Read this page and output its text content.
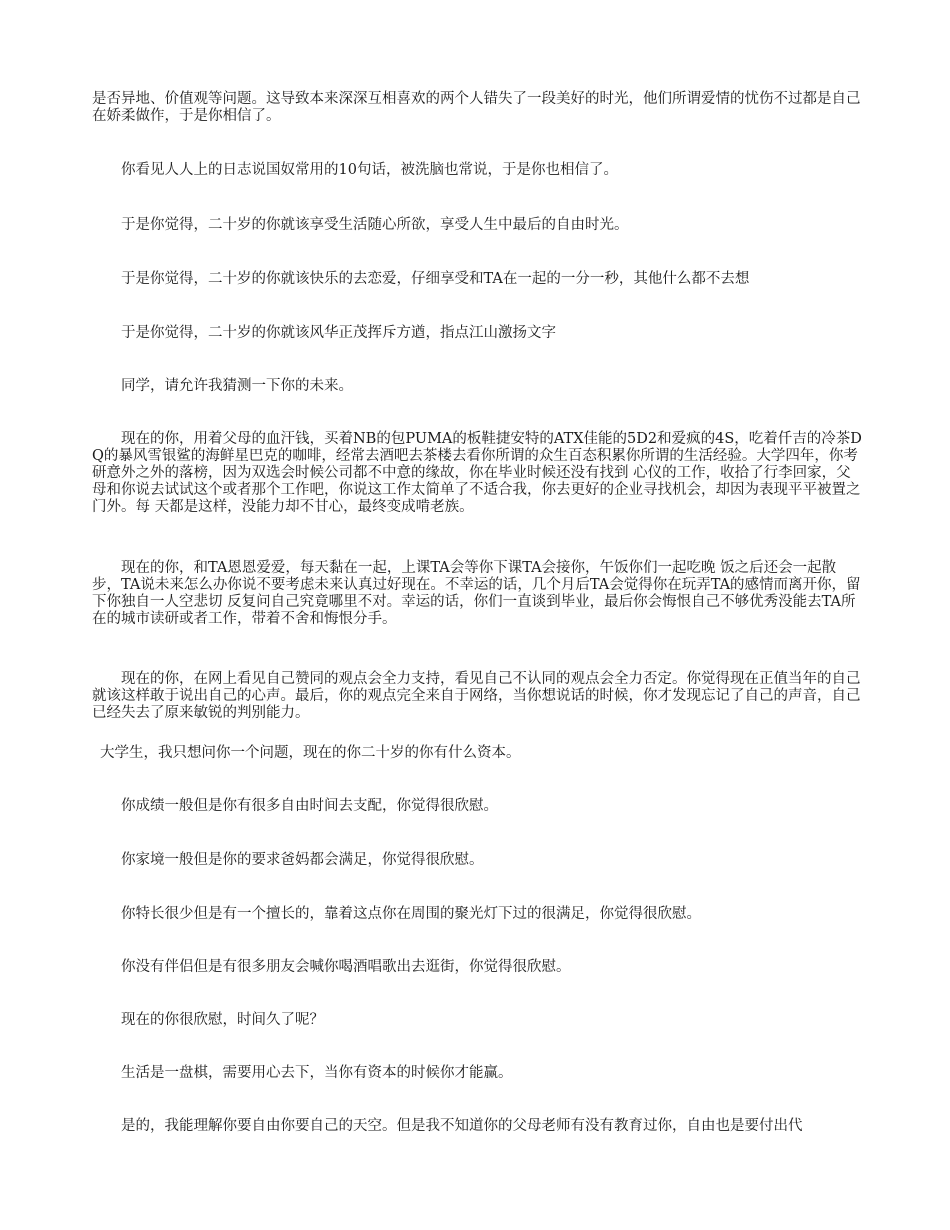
是否异地、价值观等问题。这导致本来深深互相喜欢的两个人错失了一段美好的时光，他们所谓爱情的忧伤不过都是自己在娇柔做作，于是你相信了。

你看见人人上的日志说国奴常用的10句话，被洗脑也常说，于是你也相信了。

于是你觉得，二十岁的你就该享受生活随心所欲，享受人生中最后的自由时光。

于是你觉得，二十岁的你就该快乐的去恋爱，仔细享受和TA在一起的一分一秒，其他什么都不去想

于是你觉得，二十岁的你就该风华正茂挥斥方遒，指点江山激扬文字

同学，请允许我猜测一下你的未来。

现在的你，用着父母的血汗钱，买着NB的包PUMA的板鞋捷安特的ATX佳能的5D2和爱疯的4S，吃着仟吉的冷茶DQ的暴风雪银鲨的海鲜星巴克的咖啡，经常去酒吧去茶楼去看你所谓的众生百态积累你所谓的生活经验。大学四年，你考研意外之外的落榜，因为双选会时候公司都不中意的缘故，你在毕业时候还没有找到 心仪的工作，收拾了行李回家，父母和你说去试试这个或者那个工作吧，你说这工作太简单了不适合我，你去更好的企业寻找机会，却因为表现平平被置之门外。每 天都是这样，没能力却不甘心，最终变成啃老族。

现在的你，和TA恩恩爱爱，每天黏在一起，上课TA会等你下课TA会接你，午饭你们一起吃晚 饭之后还会一起散步，TA说未来怎么办你说不要考虑未来认真过好现在。不幸运的话，几个月后TA会觉得你在玩弄TA的感情而离开你，留下你独自一人空悲切 反复问自己究竟哪里不对。幸运的话，你们一直谈到毕业，最后你会悔恨自己不够优秀没能去TA所在的城市读研或者工作，带着不舍和悔恨分手。

现在的你，在网上看见自己赞同的观点会全力支持，看见自己不认同的观点会全力否定。你觉得现在正值当年的自己就该这样敢于说出自己的心声。最后，你的观点完全来自于网络，当你想说话的时候，你才发现忘记了自己的声音，自己已经失去了原来敏锐的判别能力。

大学生，我只想问你一个问题，现在的你二十岁的你有什么资本。

你成绩一般但是你有很多自由时间去支配，你觉得很欣慰。

你家境一般但是你的要求爸妈都会满足，你觉得很欣慰。

你特长很少但是有一个擅长的，靠着这点你在周围的聚光灯下过的很满足，你觉得很欣慰。

你没有伴侣但是有很多朋友会喊你喝酒唱歌出去逛街，你觉得很欣慰。

现在的你很欣慰，时间久了呢？

生活是一盘棋，需要用心去下，当你有资本的时候你才能赢。

是的，我能理解你要自由你要自己的天空。但是我不知道你的父母老师有没有教育过你，自由也是要付出代
